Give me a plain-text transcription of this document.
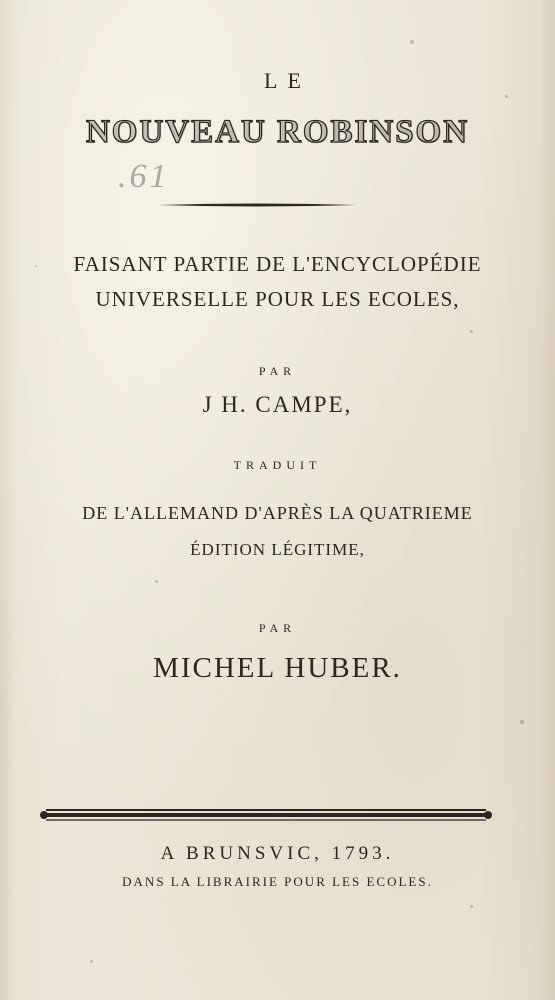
LE
NOUVEAU ROBINSON
.61
FAISANT PARTIE DE L'ENCYCLOPÉDIE
UNIVERSELLE POUR LES ECOLES,
PAR
J H. CAMPE,
TRADUIT
DE L'ALLEMAND D'APRÈS LA QUATRIEME
ÉDITION LÉGITIME,
PAR
MICHEL HUBER.
A BRUNSVIC, 1793.
DANS LA LIBRAIRIE POUR LES ECOLES.
